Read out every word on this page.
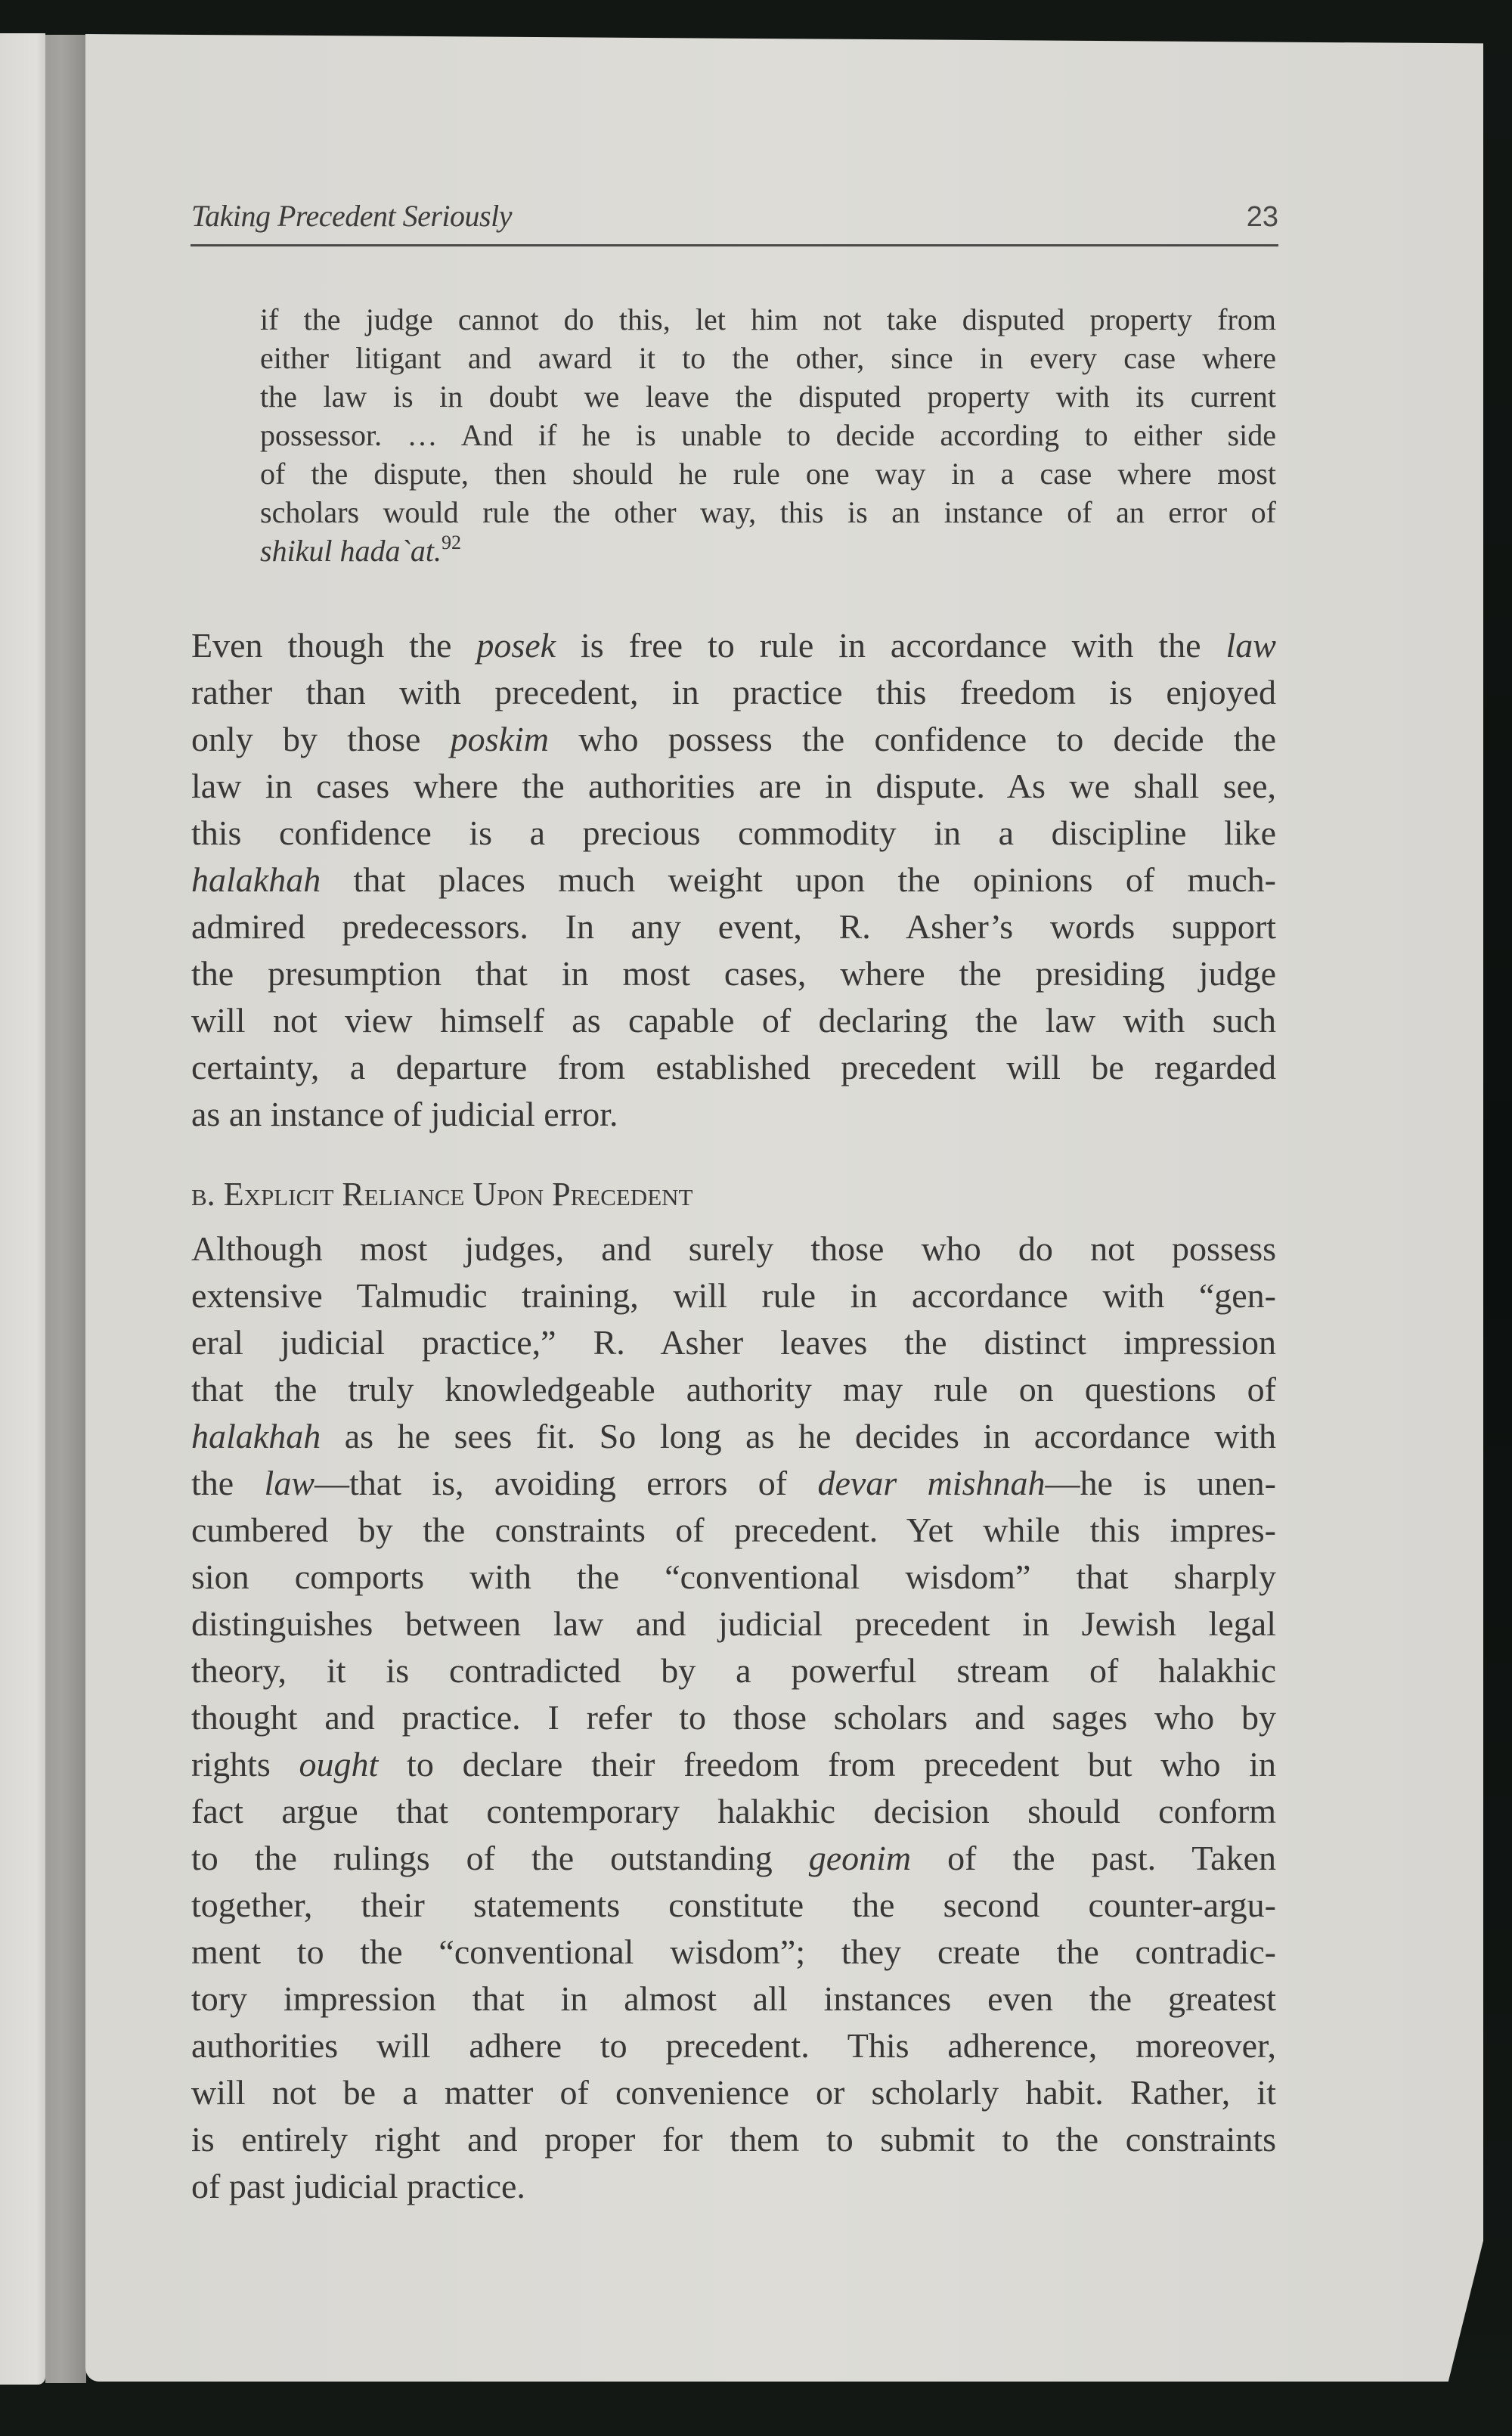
Taking Precedent Seriously	23
if the judge cannot do this, let him not take disputed property from
either litigant and award it to the other, since in every case where
the law is in doubt we leave the disputed property with its current
possessor. … And if he is unable to decide according to either side
of the dispute, then should he rule one way in a case where most
scholars would rule the other way, this is an instance of an error of
shikul hada`at.$^{92}$
Even though the posek is free to rule in accordance with the law
rather than with precedent, in practice this freedom is enjoyed
only by those poskim who possess the confidence to decide the
law in cases where the authorities are in dispute. As we shall see,
this confidence is a precious commodity in a discipline like
halakhah that places much weight upon the opinions of much-
admired predecessors. In any event, R. Asher’s words support
the presumption that in most cases, where the presiding judge
will not view himself as capable of declaring the law with such
certainty, a departure from established precedent will be regarded
as an instance of judicial error.
b. Explicit Reliance Upon Precedent
Although most judges, and surely those who do not possess
extensive Talmudic training, will rule in accordance with “gen-
eral judicial practice,” R. Asher leaves the distinct impression
that the truly knowledgeable authority may rule on questions of
halakhah as he sees fit. So long as he decides in accordance with
the law—that is, avoiding errors of devar mishnah—he is unen-
cumbered by the constraints of precedent. Yet while this impres-
sion comports with the “conventional wisdom” that sharply
distinguishes between law and judicial precedent in Jewish legal
theory, it is contradicted by a powerful stream of halakhic
thought and practice. I refer to those scholars and sages who by
rights ought to declare their freedom from precedent but who in
fact argue that contemporary halakhic decision should conform
to the rulings of the outstanding geonim of the past. Taken
together, their statements constitute the second counter-argu-
ment to the “conventional wisdom”; they create the contradic-
tory impression that in almost all instances even the greatest
authorities will adhere to precedent. This adherence, moreover,
will not be a matter of convenience or scholarly habit. Rather, it
is entirely right and proper for them to submit to the constraints
of past judicial practice.
